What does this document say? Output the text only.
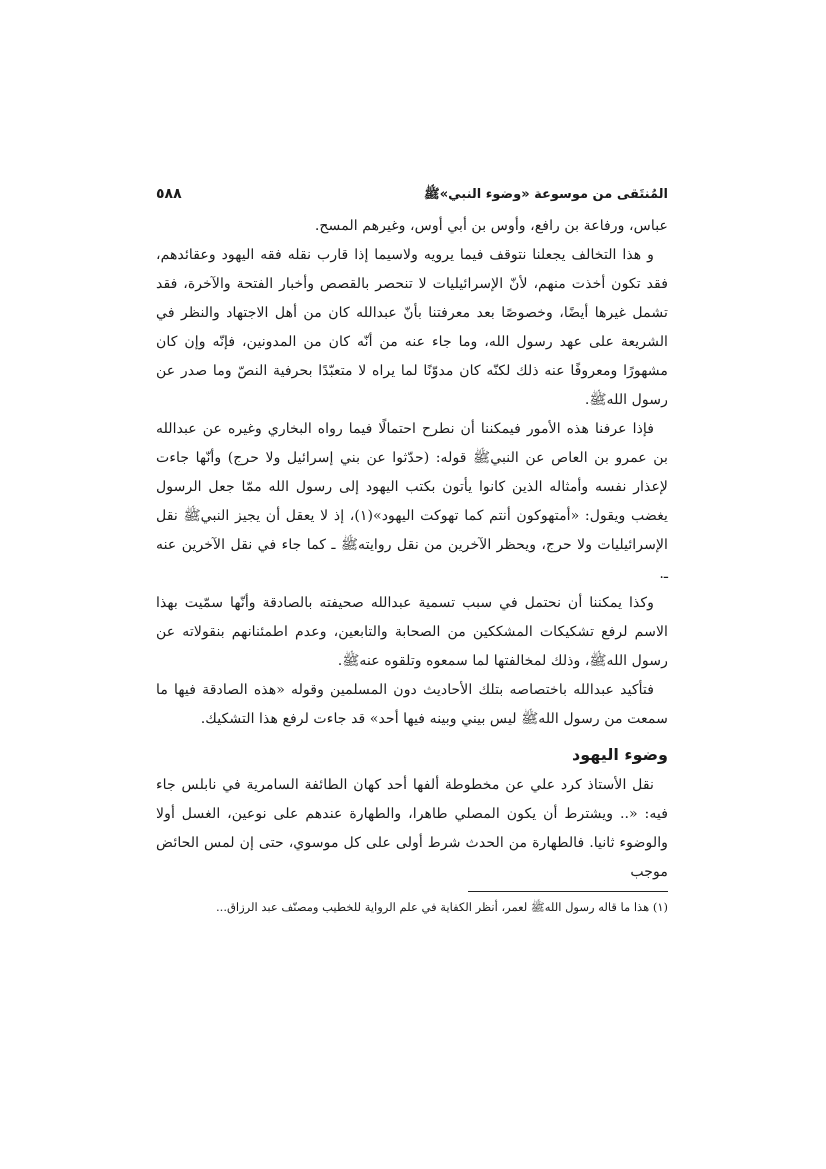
المُنتَقى من موسوعة «وضوء النبي»ﷺ
٥٨٨

عباس، ورفاعة بن رافع، وأوس بن أبي أوس، وغيرهم المسح.

و هذا التخالف يجعلنا نتوقف فيما يرويه ولاسيما إذا قارب نقله فقه اليهود وعقائدهم، فقد تكون أخذت منهم، لأنّ الإسرائيليات لا تنحصر بالقصص وأخبار الفتحة والآخرة، فقد تشمل غيرها أيضًا، وخصوصًا بعد معرفتنا بأنّ عبدالله كان من أهل الاجتهاد والنظر في الشريعة على عهد رسول الله، وما جاء عنه من أنّه كان من المدونين، فإنّه وإن كان مشهورًا ومعروفًا عنه ذلك لكنّه كان مدوّنًا لما يراه لا متعبّدًا بحرفية النصّ وما صدر عن رسول اللهﷺ.

فإذا عرفنا هذه الأمور فيمكننا أن نطرح احتمالًا فيما رواه البخاري وغيره عن عبدالله بن عمرو بن العاص عن النبيﷺ قوله: (حدّثوا عن بني إسرائيل ولا حرج) وأنّها جاءت لإعذار نفسه وأمثاله الذين كانوا يأتون بكتب اليهود إلى رسول الله ممّا جعل الرسول يغضب ويقول: «أمتهوكون أنتم كما تهوكت اليهود»(١)، إذ لا يعقل أن يجيز النبيﷺ نقل الإسرائيليات ولا حرج، ويحظر الآخرين من نقل روايتهﷺ ـ كما جاء في نقل الآخرين عنه ـ.

وكذا يمكننا أن نحتمل في سبب تسمية عبدالله صحيفته بالصادقة وأنّها سمّيت بهذا الاسم لرفع تشكيكات المشككين من الصحابة والتابعين، وعدم اطمئنانهم بنقولاته عن رسول اللهﷺ، وذلك لمخالفتها لما سمعوه وتلقوه عنهﷺ.

فتأكيد عبدالله باختصاصه بتلك الأحاديث دون المسلمين وقوله «هذه الصادقة فيها ما سمعت من رسول اللهﷺ ليس بيني وبينه فيها أحد» قد جاءت لرفع هذا التشكيك.

وضوء اليهود

نقل الأستاذ كرد علي عن مخطوطة ألفها أحد كهان الطائفة السامرية في نابلس جاء فيه: «.. ويشترط أن يكون المصلي طاهرا، والطهارة عندهم على نوعين، الغسل أولا والوضوء ثانيا. فالطهارة من الحدث شرط أولى على كل موسوي، حتى إن لمس الحائض موجب

(١) هذا ما قاله رسول اللهﷺ لعمر، أنظر الكفاية في علم الرواية للخطيب ومصنّف عبد الرزاق...
